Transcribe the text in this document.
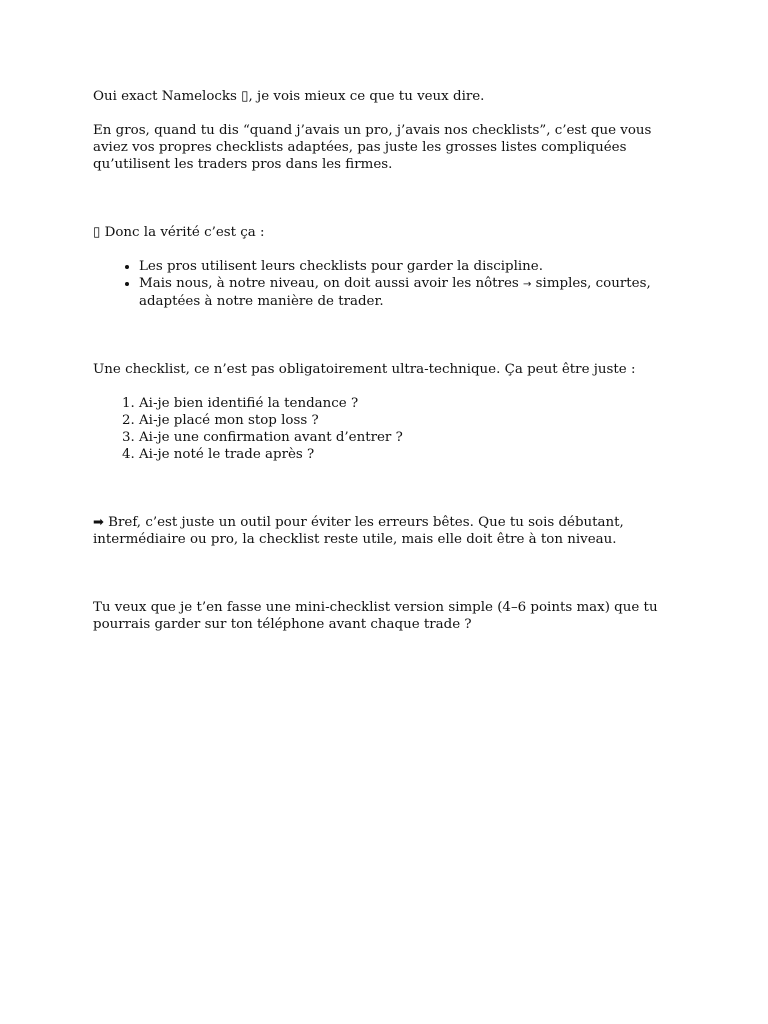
Oui exact Namelocks ▯, je vois mieux ce que tu veux dire.

En gros, quand tu dis “quand j’avais un pro, j’avais nos checklists”, c’est que vous aviez vos propres checklists adaptées, pas juste les grosses listes compliquées qu’utilisent les traders pros dans les firmes.

▯ Donc la vérité c’est ça :

• Les pros utilisent leurs checklists pour garder la discipline.
• Mais nous, à notre niveau, on doit aussi avoir les nôtres → simples, courtes, adaptées à notre manière de trader.

Une checklist, ce n’est pas obligatoirement ultra-technique. Ça peut être juste :

1. Ai-je bien identifié la tendance ?
2. Ai-je placé mon stop loss ?
3. Ai-je une confirmation avant d’entrer ?
4. Ai-je noté le trade après ?

➡ Bref, c’est juste un outil pour éviter les erreurs bêtes. Que tu sois débutant, intermédiaire ou pro, la checklist reste utile, mais elle doit être à ton niveau.

Tu veux que je t’en fasse une mini-checklist version simple (4–6 points max) que tu pourrais garder sur ton téléphone avant chaque trade ?
